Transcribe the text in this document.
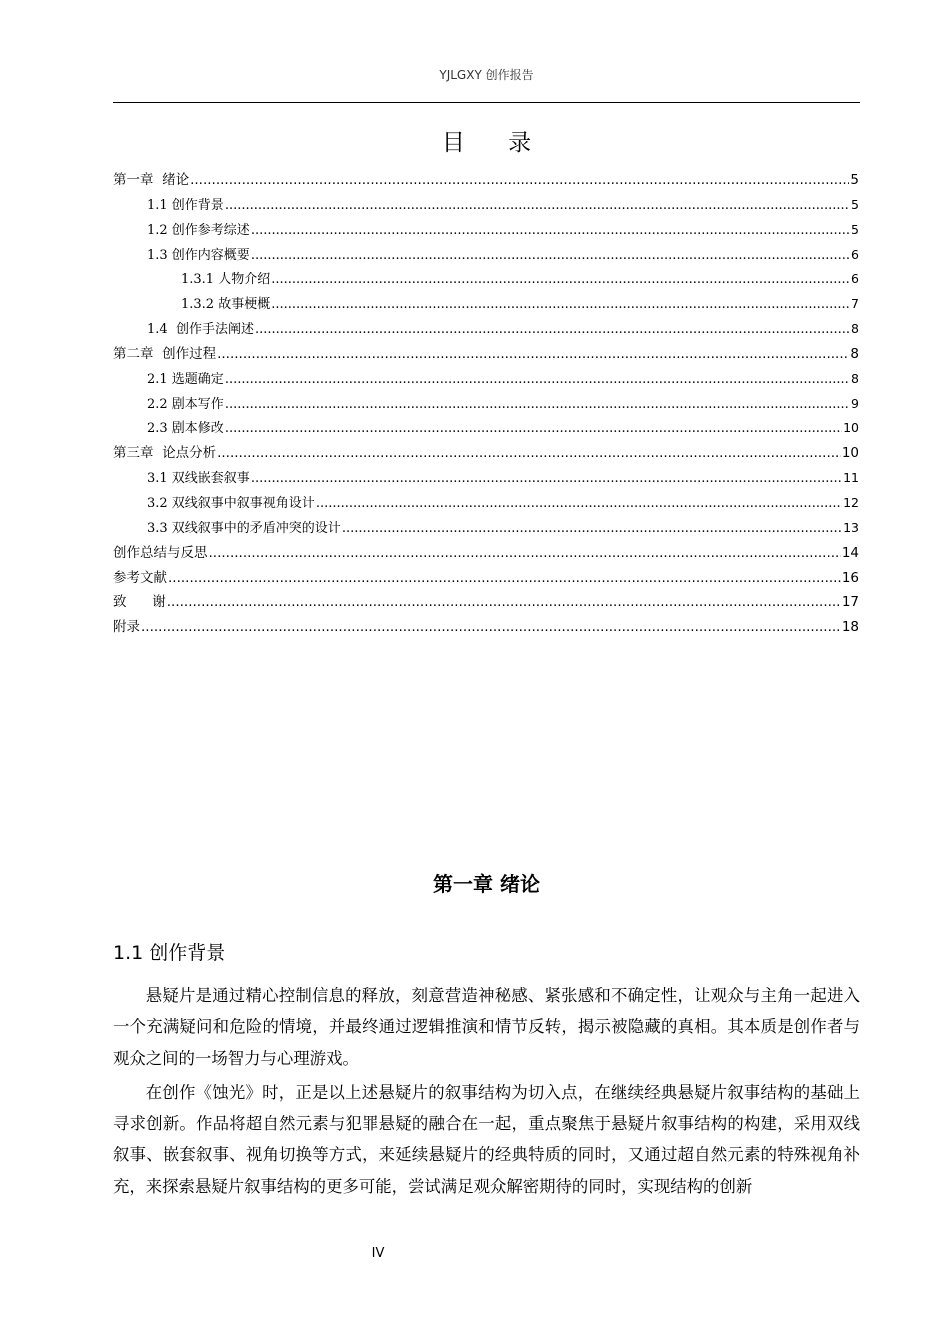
YJLGXY 创作报告
目 录
第一章  绪论 .....	5
1.1 创作背景 .....	5
1.2 创作参考综述 .....	5
1.3 创作内容概要 .....	6
1.3.1 人物介绍 .....	6
1.3.2 故事梗概 .....	7
1.4  创作手法阐述 .....	8
第二章  创作过程 .....	8
2.1 选题确定 .....	8
2.2 剧本写作 .....	9
2.3 剧本修改 .....	10
第三章  论点分析 .....	10
3.1 双线嵌套叙事 .....	11
3.2 双线叙事中叙事视角设计 .....	12
3.3 双线叙事中的矛盾冲突的设计 .....	13
创作总结与反思 .....	14
参考文献 .....	16
致      谢 .....	17
附录 .....	18
第一章 绪论
1.1 创作背景

悬疑片是通过精心控制信息的释放，刻意营造神秘感、紧张感和不确定性，让观众与主角一起进入一个充满疑问和危险的情境，并最终通过逻辑推演和情节反转，揭示被隐藏的真相。其本质是创作者与观众之间的一场智力与心理游戏。

在创作《蚀光》时，正是以上述悬疑片的叙事结构为切入点，在继续经典悬疑片叙事结构的基础上寻求创新。作品将超自然元素与犯罪悬疑的融合在一起，重点聚焦于悬疑片叙事结构的构建，采用双线叙事、嵌套叙事、视角切换等方式，来延续悬疑片的经典特质的同时，又通过超自然元素的特殊视角补充，来探索悬疑片叙事结构的更多可能，尝试满足观众解密期待的同时，实现结构的创新

IV
